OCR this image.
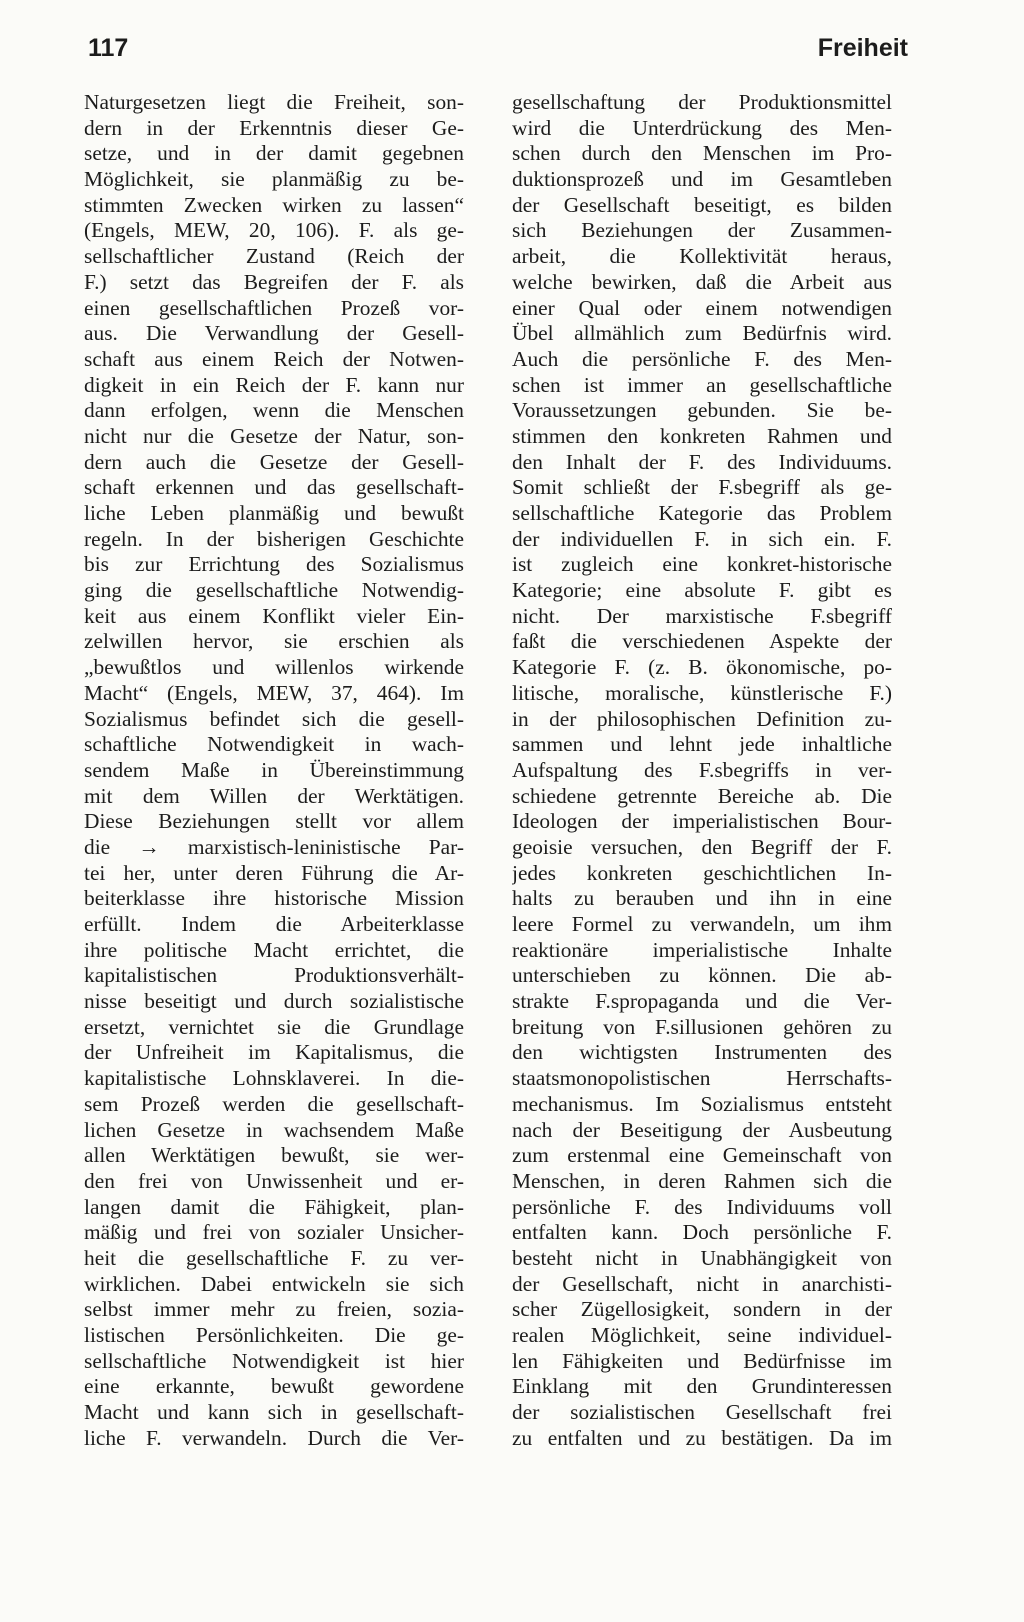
117	Freiheit
Naturgesetzen liegt die Freiheit, son-
dern in der Erkenntnis dieser Ge-
setze, und in der damit gegebnen
Möglichkeit, sie planmäßig zu be-
stimmten Zwecken wirken zu lassen“
(Engels, MEW, 20, 106). F. als ge-
sellschaftlicher Zustand (Reich der
F.) setzt das Begreifen der F. als
einen gesellschaftlichen Prozeß vor-
aus. Die Verwandlung der Gesell-
schaft aus einem Reich der Notwen-
digkeit in ein Reich der F. kann nur
dann erfolgen, wenn die Menschen
nicht nur die Gesetze der Natur, son-
dern auch die Gesetze der Gesell-
schaft erkennen und das gesellschaft-
liche Leben planmäßig und bewußt
regeln. In der bisherigen Geschichte
bis zur Errichtung des Sozialismus
ging die gesellschaftliche Notwendig-
keit aus einem Konflikt vieler Ein-
zelwillen hervor, sie erschien als
„bewußtlos und willenlos wirkende
Macht“ (Engels, MEW, 37, 464). Im
Sozialismus befindet sich die gesell-
schaftliche Notwendigkeit in wach-
sendem Maße in Übereinstimmung
mit dem Willen der Werktätigen.
Diese Beziehungen stellt vor allem
die → marxistisch-leninistische Par-
tei her, unter deren Führung die Ar-
beiterklasse ihre historische Mission
erfüllt. Indem die Arbeiterklasse
ihre politische Macht errichtet, die
kapitalistischen Produktionsverhält-
nisse beseitigt und durch sozialistische
ersetzt, vernichtet sie die Grundlage
der Unfreiheit im Kapitalismus, die
kapitalistische Lohnsklaverei. In die-
sem Prozeß werden die gesellschaft-
lichen Gesetze in wachsendem Maße
allen Werktätigen bewußt, sie wer-
den frei von Unwissenheit und er-
langen damit die Fähigkeit, plan-
mäßig und frei von sozialer Unsicher-
heit die gesellschaftliche F. zu ver-
wirklichen. Dabei entwickeln sie sich
selbst immer mehr zu freien, sozia-
listischen Persönlichkeiten. Die ge-
sellschaftliche Notwendigkeit ist hier
eine erkannte, bewußt gewordene
Macht und kann sich in gesellschaft-
liche F. verwandeln. Durch die Ver-
gesellschaftung der Produktionsmittel
wird die Unterdrückung des Men-
schen durch den Menschen im Pro-
duktionsprozeß und im Gesamtleben
der Gesellschaft beseitigt, es bilden
sich Beziehungen der Zusammen-
arbeit, die Kollektivität heraus,
welche bewirken, daß die Arbeit aus
einer Qual oder einem notwendigen
Übel allmählich zum Bedürfnis wird.
Auch die persönliche F. des Men-
schen ist immer an gesellschaftliche
Voraussetzungen gebunden. Sie be-
stimmen den konkreten Rahmen und
den Inhalt der F. des Individuums.
Somit schließt der F.sbegriff als ge-
sellschaftliche Kategorie das Problem
der individuellen F. in sich ein. F.
ist zugleich eine konkret-historische
Kategorie; eine absolute F. gibt es
nicht. Der marxistische F.sbegriff
faßt die verschiedenen Aspekte der
Kategorie F. (z. B. ökonomische, po-
litische, moralische, künstlerische F.)
in der philosophischen Definition zu-
sammen und lehnt jede inhaltliche
Aufspaltung des F.sbegriffs in ver-
schiedene getrennte Bereiche ab. Die
Ideologen der imperialistischen Bour-
geoisie versuchen, den Begriff der F.
jedes konkreten geschichtlichen In-
halts zu berauben und ihn in eine
leere Formel zu verwandeln, um ihm
reaktionäre imperialistische Inhalte
unterschieben zu können. Die ab-
strakte F.spropaganda und die Ver-
breitung von F.sillusionen gehören zu
den wichtigsten Instrumenten des
staatsmonopolistischen Herrschafts-
mechanismus. Im Sozialismus entsteht
nach der Beseitigung der Ausbeutung
zum erstenmal eine Gemeinschaft von
Menschen, in deren Rahmen sich die
persönliche F. des Individuums voll
entfalten kann. Doch persönliche F.
besteht nicht in Unabhängigkeit von
der Gesellschaft, nicht in anarchisti-
scher Zügellosigkeit, sondern in der
realen Möglichkeit, seine individuel-
len Fähigkeiten und Bedürfnisse im
Einklang mit den Grundinteressen
der sozialistischen Gesellschaft frei
zu entfalten und zu bestätigen. Da im
